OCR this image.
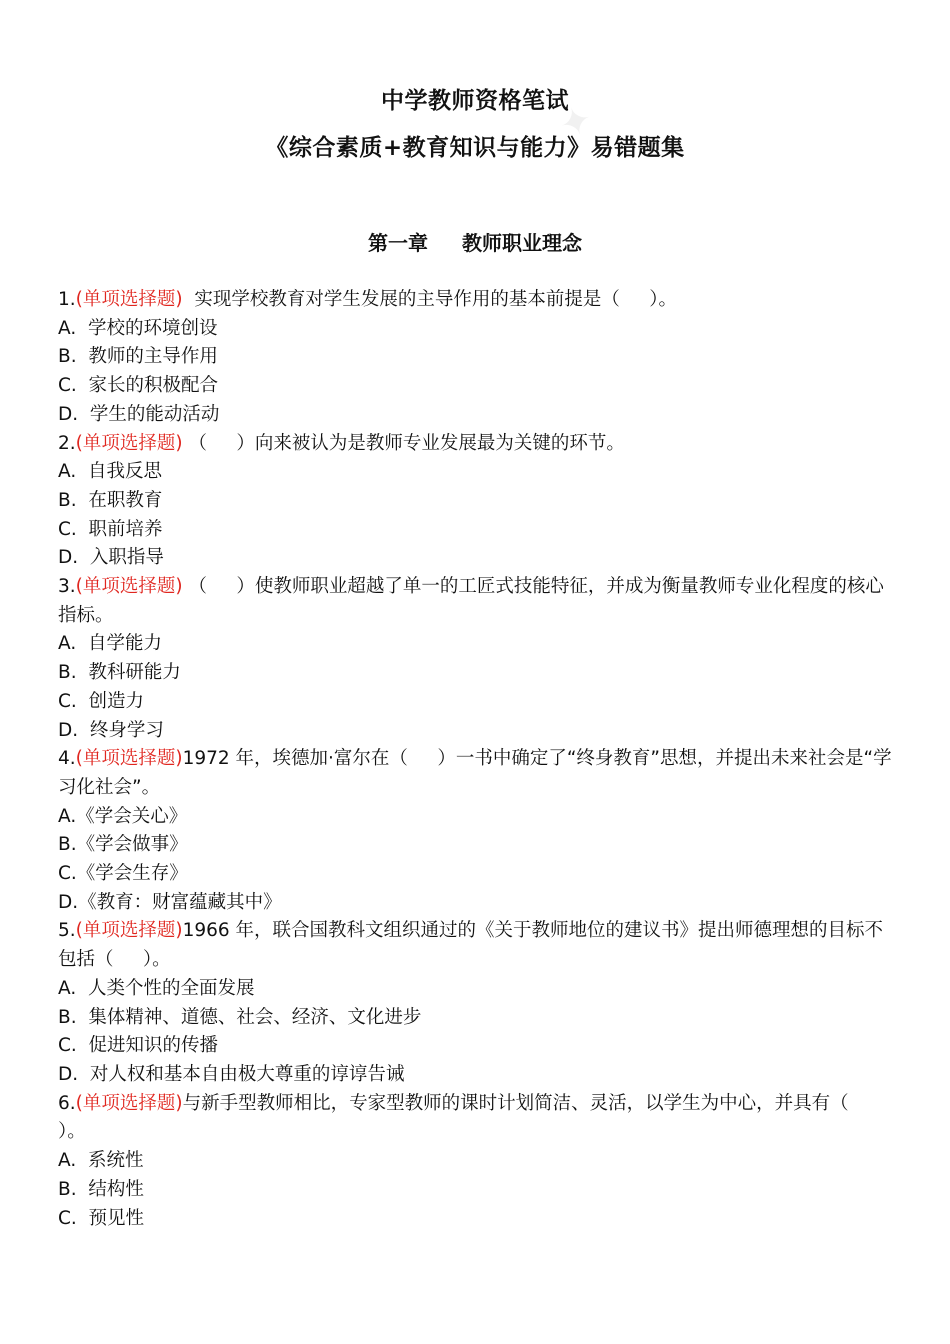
✦
中学教师资格笔试
《综合素质+教育知识与能力》易错题集
第一章 教师职业理念

1.(单项选择题)  实现学校教育对学生发展的主导作用的基本前提是（     ）。

A.  学校的环境创设

B.  教师的主导作用

C.  家长的积极配合

D.  学生的能动活动

2.(单项选择题) （     ）向来被认为是教师专业发展最为关键的环节。

A.  自我反思

B.  在职教育

C.  职前培养

D.  入职指导

3.(单项选择题) （     ）使教师职业超越了单一的工匠式技能特征，并成为衡量教师专业化程度的核心指标。

A.  自学能力

B.  教科研能力

C.  创造力

D.  终身学习

4.(单项选择题)1972 年，埃德加·富尔在（     ）一书中确定了“终身教育”思想，并提出未来社会是“学习化社会”。

A.《学会关心》

B.《学会做事》

C.《学会生存》

D.《教育：财富蕴藏其中》

5.(单项选择题)1966 年，联合国教科文组织通过的《关于教师地位的建议书》提出师德理想的目标不包括（     ）。

A.  人类个性的全面发展

B.  集体精神、道德、社会、经济、文化进步

C.  促进知识的传播

D.  对人权和基本自由极大尊重的谆谆告诫

6.(单项选择题)与新手型教师相比，专家型教师的课时计划简洁、灵活，以学生为中心，并具有（     ）。

A.  系统性

B.  结构性

C.  预见性
